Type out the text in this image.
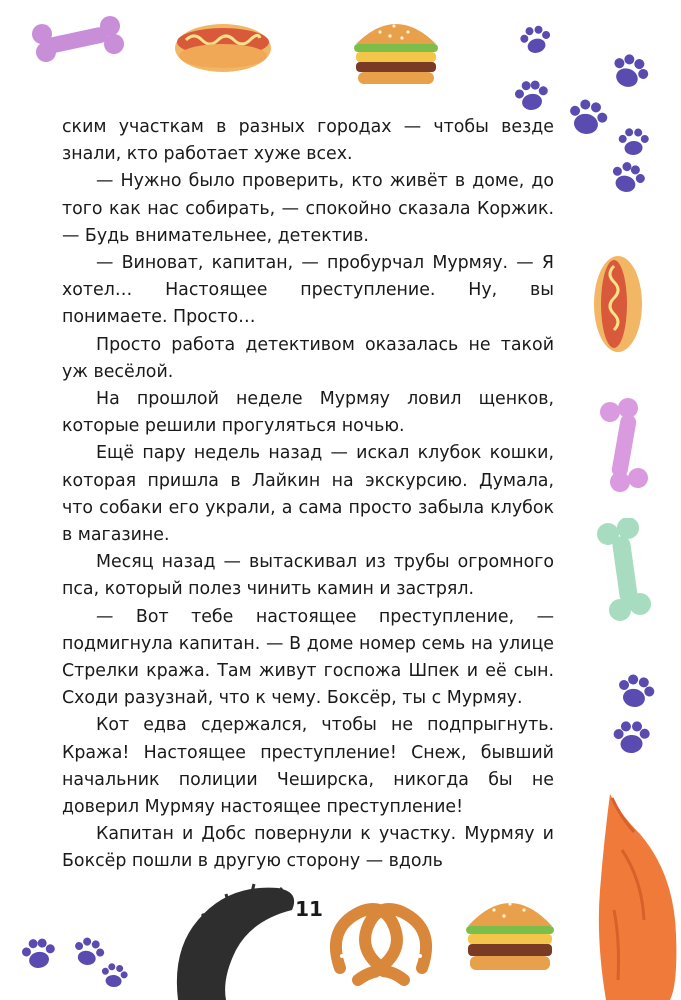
ским участкам в разных городах — чтобы везде знали, кто работает хуже всех.

— Нужно было проверить, кто живёт в доме, до того как нас собирать, — спокойно сказала Коржик. — Будь внимательнее, детектив.

— Виноват, капитан, — пробурчал Мурмяу. — Я хотел… Настоящее преступление. Ну, вы понимаете. Просто…

Просто работа детективом оказалась не такой уж весёлой.

На прошлой неделе Мурмяу ловил щенков, которые решили прогуляться ночью.

Ещё пару недель назад — искал клубок кошки, которая пришла в Лайкин на экскурсию. Думала, что собаки его украли, а сама просто забыла клубок в магазине.

Месяц назад — вытаскивал из трубы огромного пса, который полез чинить камин и застрял.

— Вот тебе настоящее преступление, — подмигнула капитан. — В доме номер семь на улице Стрелки кража. Там живут госпожа Шпек и её сын. Сходи разузнай, что к чему. Боксёр, ты с Мурмяу.

Кот едва сдержался, чтобы не подпрыгнуть. Кража! Настоящее преступление! Снеж, бывший начальник полиции Чеширска, никогда бы не доверил Мурмяу настоящее преступление!

Капитан и Добс повернули к участку. Мурмяу и Боксёр пошли в другую сторону — вдоль

11
